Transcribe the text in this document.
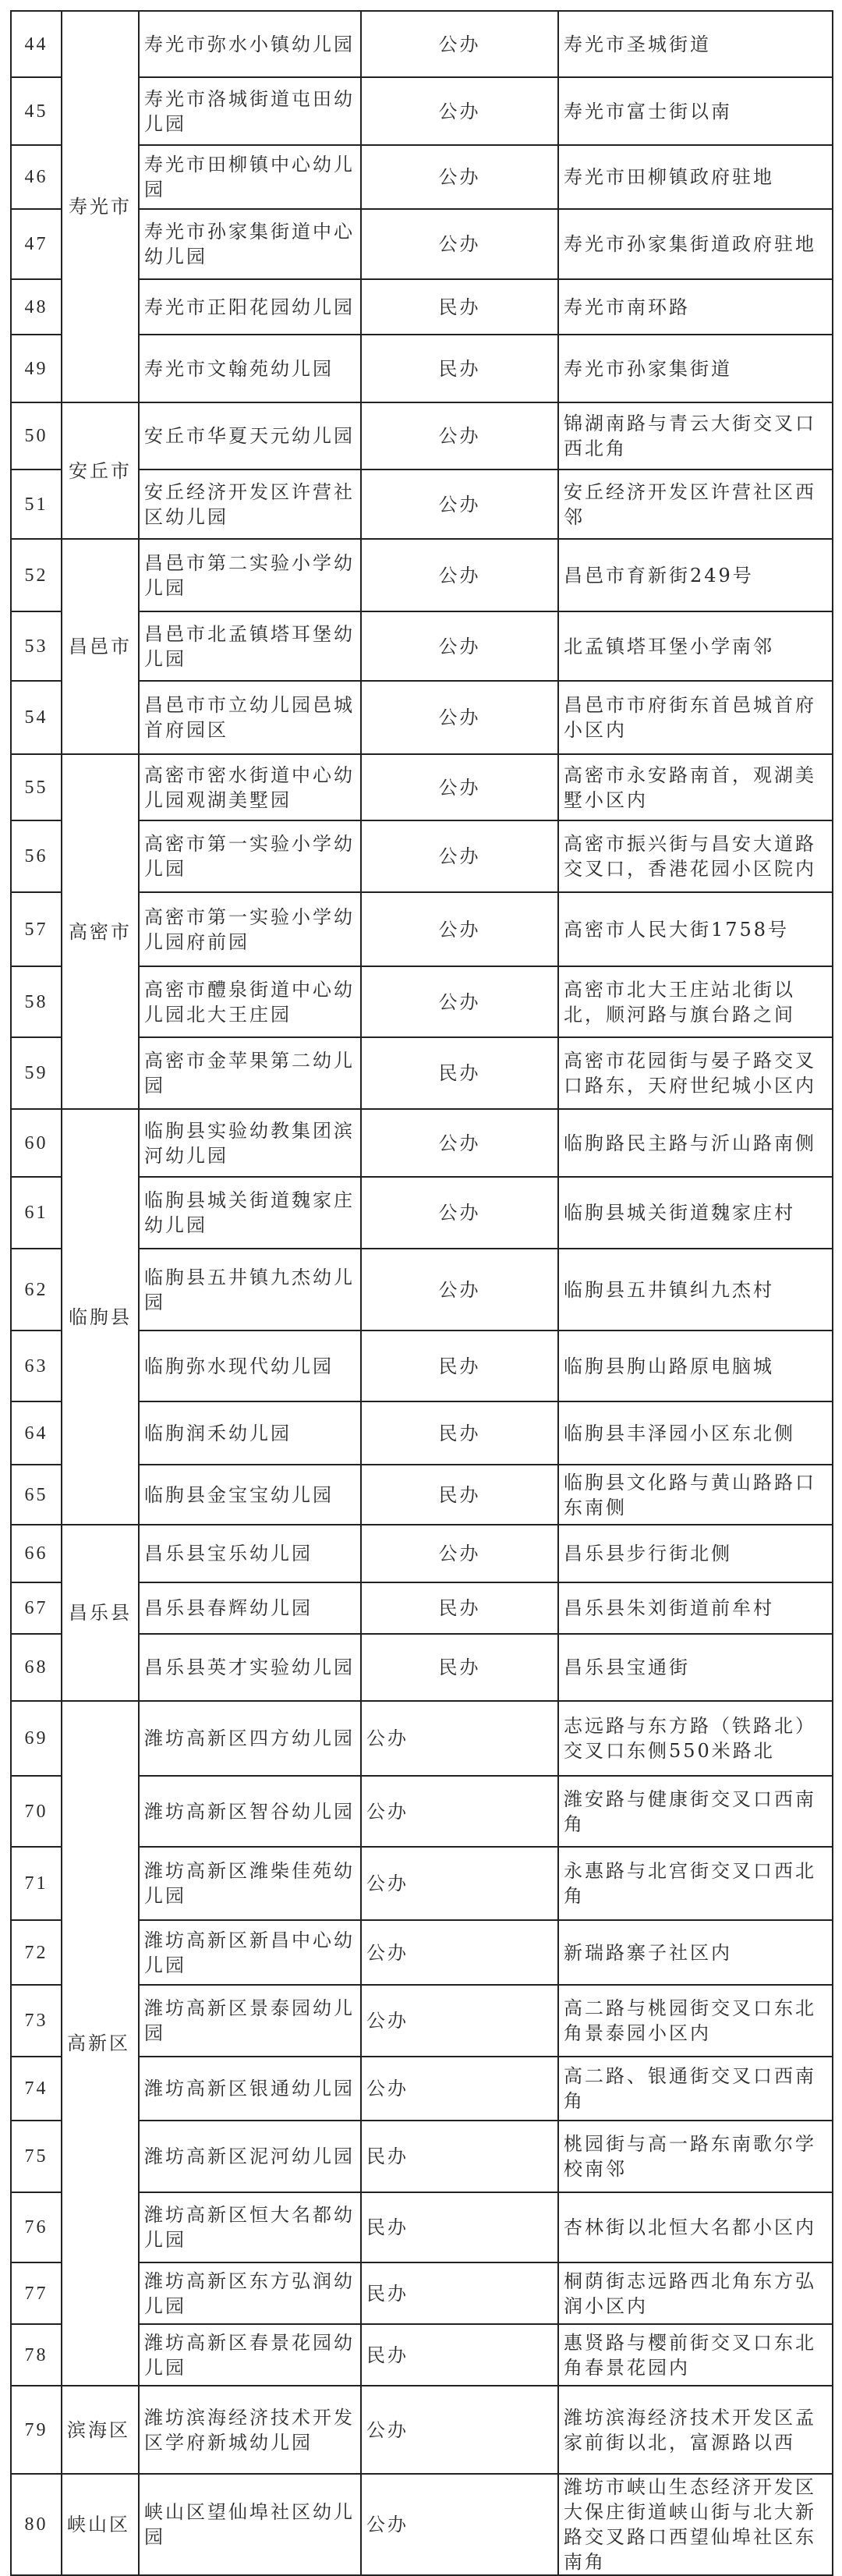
44	寿光市	寿光市弥水小镇幼儿园	公办	寿光市圣城街道
45		寿光市洛城街道屯田幼儿园	公办	寿光市富士街以南
46		寿光市田柳镇中心幼儿园	公办	寿光市田柳镇政府驻地
47		寿光市孙家集街道中心幼儿园	公办	寿光市孙家集街道政府驻地
48		寿光市正阳花园幼儿园	民办	寿光市南环路
49		寿光市文翰苑幼儿园	民办	寿光市孙家集街道
50	安丘市	安丘市华夏天元幼儿园	公办	锦湖南路与青云大街交叉口西北角
51		安丘经济开发区许营社区幼儿园	公办	安丘经济开发区许营社区西邻
52	昌邑市	昌邑市第二实验小学幼儿园	公办	昌邑市育新街249号
53		昌邑市北孟镇塔耳堡幼儿园	公办	北孟镇塔耳堡小学南邻
54		昌邑市市立幼儿园邑城首府园区	公办	昌邑市市府街东首邑城首府小区内
55	高密市	高密市密水街道中心幼儿园观湖美墅园	公办	高密市永安路南首，观湖美墅小区内
56		高密市第一实验小学幼儿园	公办	高密市振兴街与昌安大道路交叉口，香港花园小区院内
57		高密市第一实验小学幼儿园府前园	公办	高密市人民大街1758号
58		高密市醴泉街道中心幼儿园北大王庄园	公办	高密市北大王庄站北街以北，顺河路与旗台路之间
59		高密市金苹果第二幼儿园	民办	高密市花园街与晏子路交叉口路东，天府世纪城小区内
60	临朐县	临朐县实验幼教集团滨河幼儿园	公办	临朐路民主路与沂山路南侧
61		临朐县城关街道魏家庄幼儿园	公办	临朐县城关街道魏家庄村
62		临朐县五井镇九杰幼儿园	公办	临朐县五井镇纠九杰村
63		临朐弥水现代幼儿园	民办	临朐县朐山路原电脑城
64		临朐润禾幼儿园	民办	临朐县丰泽园小区东北侧
65		临朐县金宝宝幼儿园	民办	临朐县文化路与黄山路路口东南侧
66	昌乐县	昌乐县宝乐幼儿园	公办	昌乐县步行街北侧
67		昌乐县春辉幼儿园	民办	昌乐县朱刘街道前牟村
68		昌乐县英才实验幼儿园	民办	昌乐县宝通街
69	高新区	潍坊高新区四方幼儿园	公办	志远路与东方路（铁路北）交叉口东侧550米路北
70		潍坊高新区智谷幼儿园	公办	潍安路与健康街交叉口西南角
71		潍坊高新区潍柴佳苑幼儿园	公办	永惠路与北宫街交叉口西北角
72		潍坊高新区新昌中心幼儿园	公办	新瑞路寨子社区内
73		潍坊高新区景泰园幼儿园	公办	高二路与桃园街交叉口东北角景泰园小区内
74		潍坊高新区银通幼儿园	公办	高二路、银通街交叉口西南角
75		潍坊高新区泥河幼儿园	民办	桃园街与高一路东南歌尔学校南邻
76		潍坊高新区恒大名都幼儿园	民办	杏林街以北恒大名都小区内
77		潍坊高新区东方弘润幼儿园	民办	桐荫街志远路西北角东方弘润小区内
78		潍坊高新区春景花园幼儿园	民办	惠贤路与樱前街交叉口东北角春景花园内
79	滨海区	潍坊滨海经济技术开发区学府新城幼儿园	公办	潍坊滨海经济技术开发区孟家前街以北，富源路以西
80	峡山区	峡山区望仙埠社区幼儿园	公办	潍坊市峡山生态经济开发区大保庄街道峡山街与北大新路交叉路口西望仙埠社区东南角
